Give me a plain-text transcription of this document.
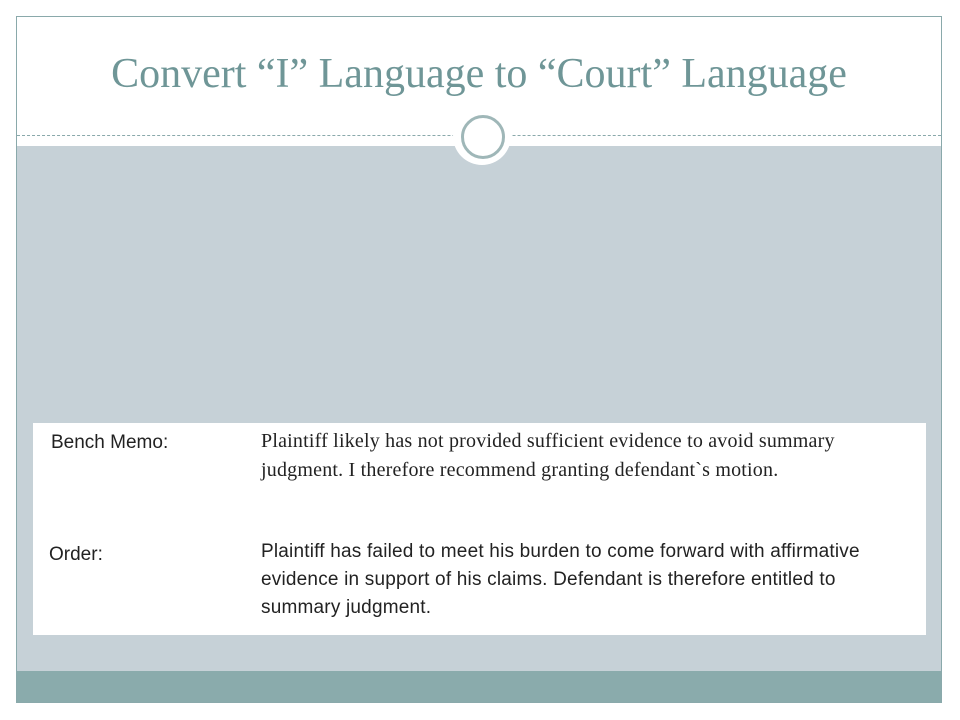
Convert “I” Language to “Court” Language
Bench Memo:	Plaintiff likely has not provided sufficient evidence to avoid summary judgment. I therefore recommend granting defendant`s motion.
Order:	Plaintiff has failed to meet his burden to come forward with affirmative evidence in support of his claims. Defendant is therefore entitled to summary judgment.
